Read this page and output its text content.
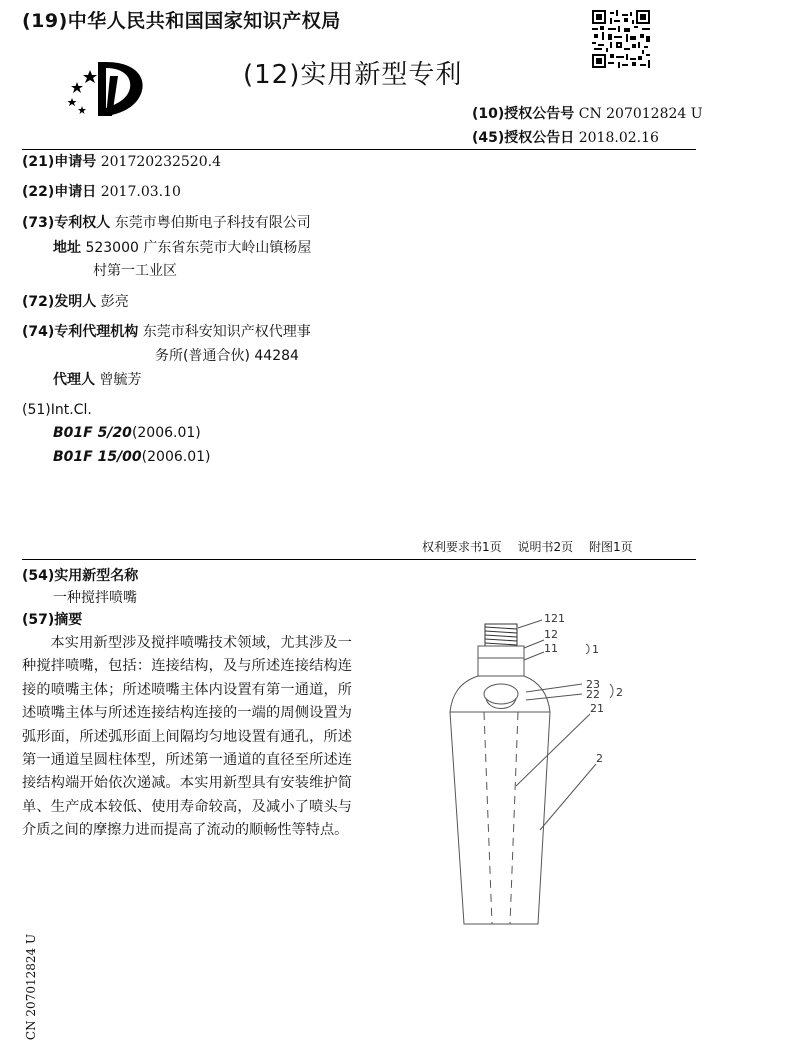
(19)中华人民共和国国家知识产权局
(12)实用新型专利
(10)授权公告号 CN 207012824 U
(45)授权公告日 2018.02.16
(21)申请号 201720232520.4
(22)申请日 2017.03.10
(73)专利权人 东莞市粤伯斯电子科技有限公司
地址 523000 广东省东莞市大岭山镇杨屋
村第一工业区
(72)发明人 彭亮
(74)专利代理机构 东莞市科安知识产权代理事
务所(普通合伙) 44284
代理人 曾毓芳
(51)Int.Cl.
B01F 5/20(2006.01)
B01F 15/00(2006.01)
权利要求书1页 说明书2页 附图1页
(54)实用新型名称
一种搅拌喷嘴
(57)摘要
本实用新型涉及搅拌喷嘴技术领域，尤其涉及一种搅拌喷嘴，包括：连接结构，及与所述连接结构连接的喷嘴主体；所述喷嘴主体内设置有第一通道，所述喷嘴主体与所述连接结构连接的一端的周侧设置为弧形面，所述弧形面上间隔均匀地设置有通孔，所述第一通道呈圆柱体型，所述第一通道的直径至所述连接结构端开始依次递减。本实用新型具有安装维护简单、生产成本较低、使用寿命较高，及减小了喷头与介质之间的摩擦力进而提高了流动的顺畅性等特点。
121
12
1
11
23
22 2
21
2
CN 207012824 U
